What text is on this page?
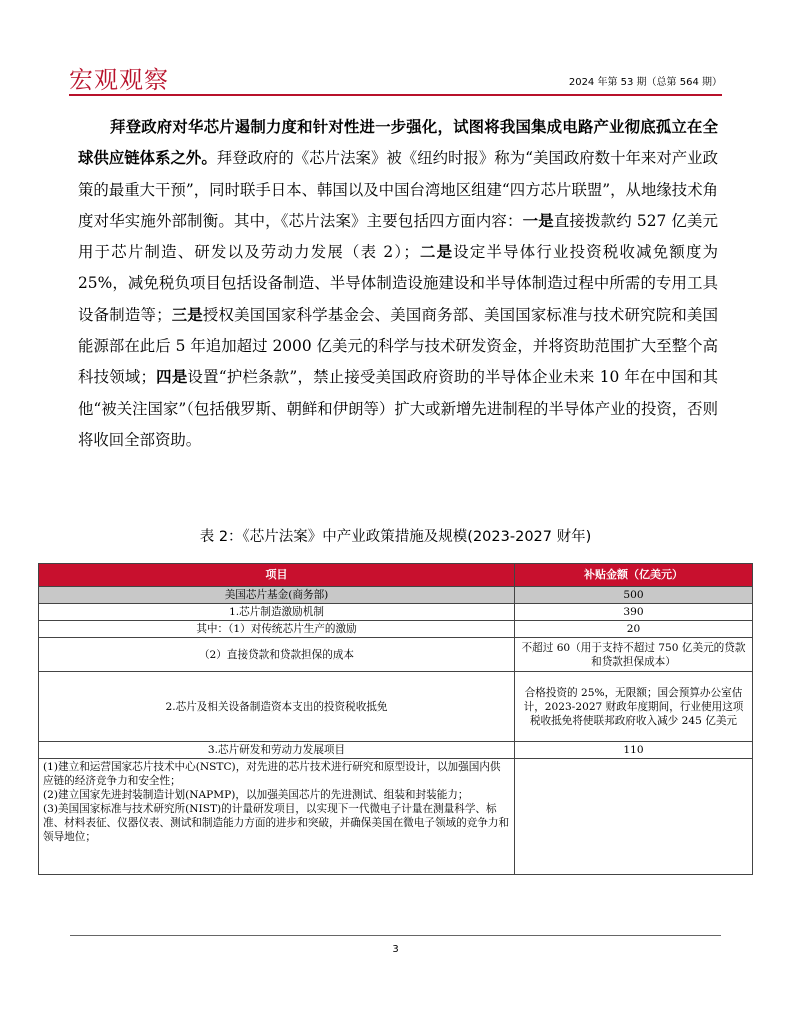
宏观观察	2024 年第 53 期（总第 564 期）

拜登政府对华芯片遏制力度和针对性进一步强化，试图将我国集成电路产业彻底孤立在全球供应链体系之外。拜登政府的《芯片法案》被《纽约时报》称为“美国政府数十年来对产业政策的最重大干预”，同时联手日本、韩国以及中国台湾地区组建“四方芯片联盟”，从地缘技术角度对华实施外部制衡。其中，《芯片法案》主要包括四方面内容：一是直接拨款约 527 亿美元用于芯片制造、研发以及劳动力发展（表 2）；二是设定半导体行业投资税收减免额度为 25%，减免税负项目包括设备制造、半导体制造设施建设和半导体制造过程中所需的专用工具设备制造等；三是授权美国国家科学基金会、美国商务部、美国国家标准与技术研究院和美国能源部在此后 5 年追加超过 2000 亿美元的科学与技术研发资金，并将资助范围扩大至整个高科技领域；四是设置“护栏条款”，禁止接受美国政府资助的半导体企业未来 10 年在中国和其他“被关注国家”（包括俄罗斯、朝鲜和伊朗等）扩大或新增先进制程的半导体产业的投资，否则将收回全部资助。

表 2：《芯片法案》中产业政策措施及规模(2023-2027 财年)
项目	补贴金额（亿美元）
美国芯片基金(商务部)	500
1.芯片制造激励机制	390
其中：（1）对传统芯片生产的激励	20
（2）直接贷款和贷款担保的成本	不超过 60（用于支持不超过 750 亿美元的贷款和贷款担保成本）
2.芯片及相关设备制造资本支出的投资税收抵免	合格投资的 25%，无限额；国会预算办公室估计，2023-2027 财政年度期间，行业使用这项税收抵免将使联邦政府收入减少 245 亿美元
3.芯片研发和劳动力发展项目	110

(1)建立和运营国家芯片技术中心(NSTC)，对先进的芯片技术进行研究和原型设计，以加强国内供应链的经济竞争力和安全性；
(2)建立国家先进封装制造计划(NAPMP)，以加强美国芯片的先进测试、组装和封装能力；
(3)美国国家标准与技术研究所(NIST)的计量研发项目，以实现下一代微电子计量在测量科学、标准、材料表征、仪器仪表、测试和制造能力方面的进步和突破，并确保美国在微电子领域的竞争力和领导地位；	

3
